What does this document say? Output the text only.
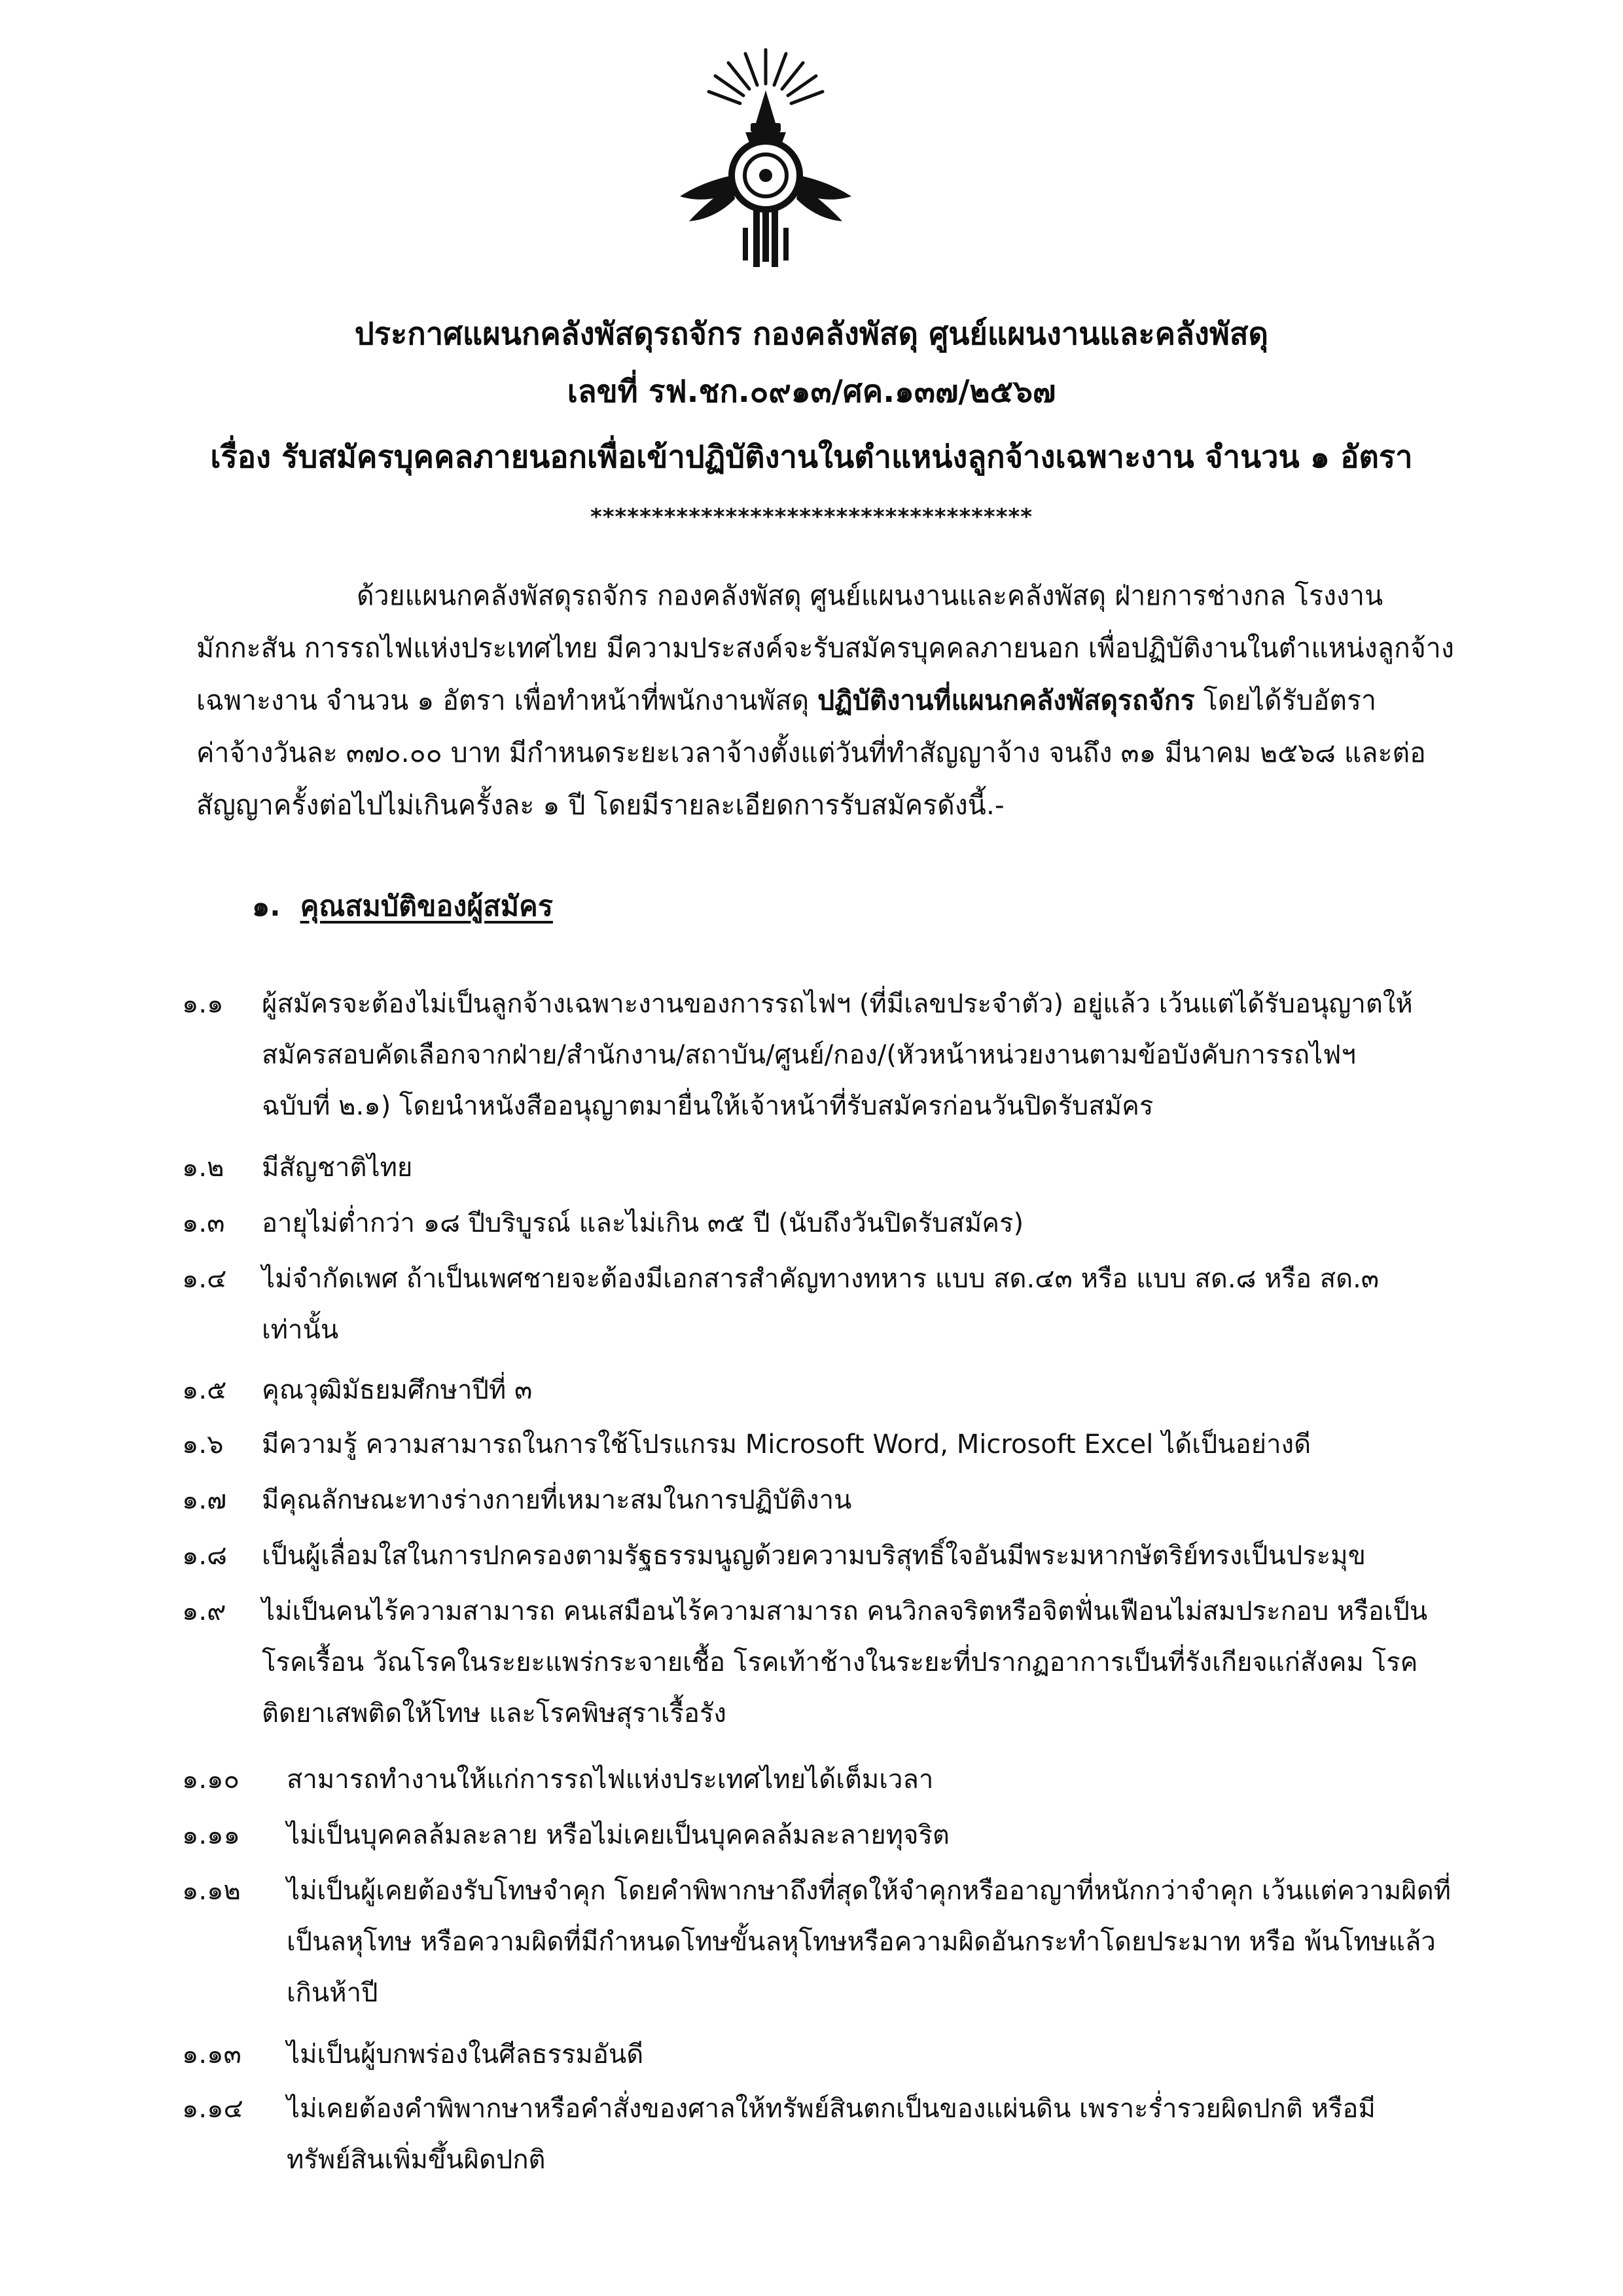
ประกาศแผนกคลังพัสดุรถจักร กองคลังพัสดุ ศูนย์แผนงานและคลังพัสดุ
เลขที่ รฟ.ชก.๐๙๑๓/ศค.๑๓๗/๒๕๖๗
เรื่อง รับสมัครบุคคลภายนอกเพื่อเข้าปฏิบัติงานในตำแหน่งลูกจ้างเฉพาะงาน จำนวน ๑ อัตรา
************************************
ด้วยแผนกคลังพัสดุรถจักร กองคลังพัสดุ ศูนย์แผนงานและคลังพัสดุ ฝ่ายการช่างกล โรงงาน
มักกะสัน การรถไฟแห่งประเทศไทย มีความประสงค์จะรับสมัครบุคคลภายนอก เพื่อปฏิบัติงานในตำแหน่งลูกจ้าง
เฉพาะงาน จำนวน ๑ อัตรา เพื่อทำหน้าที่พนักงานพัสดุ ปฏิบัติงานที่แผนกคลังพัสดุรถจักร โดยได้รับอัตรา
ค่าจ้างวันละ ๓๗๐.๐๐ บาท มีกำหนดระยะเวลาจ้างตั้งแต่วันที่ทำสัญญาจ้าง จนถึง ๓๑ มีนาคม ๒๕๖๘ และต่อ
สัญญาครั้งต่อไปไม่เกินครั้งละ ๑ ปี โดยมีรายละเอียดการรับสมัครดังนี้.-
๑. คุณสมบัติของผู้สมัคร
๑.๑ ผู้สมัครจะต้องไม่เป็นลูกจ้างเฉพาะงานของการรถไฟฯ (ที่มีเลขประจำตัว) อยู่แล้ว เว้นแต่ได้รับอนุญาตให้
สมัครสอบคัดเลือกจากฝ่าย/สำนักงาน/สถาบัน/ศูนย์/กอง/(หัวหน้าหน่วยงานตามข้อบังคับการรถไฟฯ
ฉบับที่ ๒.๑) โดยนำหนังสืออนุญาตมายื่นให้เจ้าหน้าที่รับสมัครก่อนวันปิดรับสมัคร
๑.๒ มีสัญชาติไทย
๑.๓ อายุไม่ต่ำกว่า ๑๘ ปีบริบูรณ์ และไม่เกิน ๓๕ ปี (นับถึงวันปิดรับสมัคร)
๑.๔ ไม่จำกัดเพศ ถ้าเป็นเพศชายจะต้องมีเอกสารสำคัญทางทหาร แบบ สด.๔๓ หรือ แบบ สด.๘ หรือ สด.๓
เท่านั้น
๑.๕ คุณวุฒิมัธยมศึกษาปีที่ ๓
๑.๖ มีความรู้ ความสามารถในการใช้โปรแกรม Microsoft Word, Microsoft Excel ได้เป็นอย่างดี
๑.๗ มีคุณลักษณะทางร่างกายที่เหมาะสมในการปฏิบัติงาน
๑.๘ เป็นผู้เลื่อมใสในการปกครองตามรัฐธรรมนูญด้วยความบริสุทธิ์ใจอันมีพระมหากษัตริย์ทรงเป็นประมุข
๑.๙ ไม่เป็นคนไร้ความสามารถ คนเสมือนไร้ความสามารถ คนวิกลจริตหรือจิตฟั่นเฟือนไม่สมประกอบ หรือเป็น
โรคเรื้อน วัณโรคในระยะแพร่กระจายเชื้อ โรคเท้าช้างในระยะที่ปรากฏอาการเป็นที่รังเกียจแก่สังคม โรค
ติดยาเสพติดให้โทษ และโรคพิษสุราเรื้อรัง
๑.๑๐ สามารถทำงานให้แก่การรถไฟแห่งประเทศไทยได้เต็มเวลา
๑.๑๑ ไม่เป็นบุคคลล้มละลาย หรือไม่เคยเป็นบุคคลล้มละลายทุจริต
๑.๑๒ ไม่เป็นผู้เคยต้องรับโทษจำคุก โดยคำพิพากษาถึงที่สุดให้จำคุกหรืออาญาที่หนักกว่าจำคุก เว้นแต่ความผิดที่
เป็นลหุโทษ หรือความผิดที่มีกำหนดโทษขั้นลหุโทษหรือความผิดอันกระทำโดยประมาท หรือ พ้นโทษแล้ว
เกินห้าปี
๑.๑๓ ไม่เป็นผู้บกพร่องในศีลธรรมอันดี
๑.๑๔ ไม่เคยต้องคำพิพากษาหรือคำสั่งของศาลให้ทรัพย์สินตกเป็นของแผ่นดิน เพราะร่ำรวยผิดปกติ หรือมี
ทรัพย์สินเพิ่มขึ้นผิดปกติ
